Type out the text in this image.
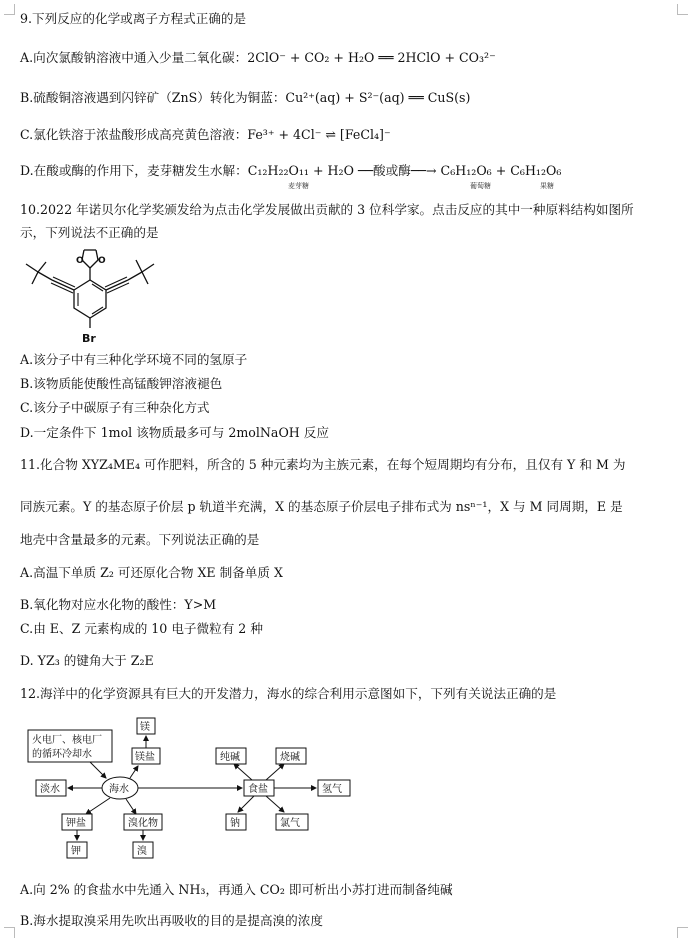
9.下列反应的化学或离子方程式正确的是
A.向次氯酸钠溶液中通入少量二氧化碳：2ClO⁻ + CO₂ + H₂O ══ 2HClO + CO₃²⁻
B.硫酸铜溶液遇到闪锌矿（ZnS）转化为铜蓝：Cu²⁺(aq) + S²⁻(aq) ══ CuS(s)
C.氯化铁溶于浓盐酸形成高亮黄色溶液：Fe³⁺ + 4Cl⁻ ⇌ [FeCl₄]⁻
D.在酸或酶的作用下，麦芽糖发生水解：C₁₂H₂₂O₁₁ + H₂O ──酸或酶──→ C₆H₁₂O₆ + C₆H₁₂O₆
麦芽糖	葡萄糖	果糖
10.2022 年诺贝尔化学奖颁发给为点击化学发展做出贡献的 3 位科学家。点击反应的其中一种原料结构如图所
示，下列说法不正确的是
O O
Br
A.该分子中有三种化学环境不同的氢原子
B.该物质能使酸性高锰酸钾溶液褪色
C.该分子中碳原子有三种杂化方式
D.一定条件下 1mol 该物质最多可与 2molNaOH 反应
11.化合物 XYZ₄ME₄ 可作肥料，所含的 5 种元素均为主族元素，在每个短周期均有分布，且仅有 Y 和 M 为
同族元素。Y 的基态原子价层 p 轨道半充满，X 的基态原子价层电子排布式为 nsⁿ⁻¹，X 与 M 同周期，E 是
地壳中含量最多的元素。下列说法正确的是
A.高温下单质 Z₂ 可还原化合物 XE 制备单质 X
B.氧化物对应水化物的酸性：Y>M
C.由 E、Z 元素构成的 10 电子微粒有 2 种
D. YZ₃ 的键角大于 Z₂E
12.海洋中的化学资源具有巨大的开发潜力，海水的综合利用示意图如下，下列有关说法正确的是
火电厂、核电厂
的循环冷却水
淡水	海水
镁盐
镁
钾盐
钾
溴化物
溴
食盐
纯碱	烧碱
氢气
钠	氯气
A.向 2% 的食盐水中先通入 NH₃，再通入 CO₂ 即可析出小苏打进而制备纯碱
B.海水提取溴采用先吹出再吸收的目的是提高溴的浓度
